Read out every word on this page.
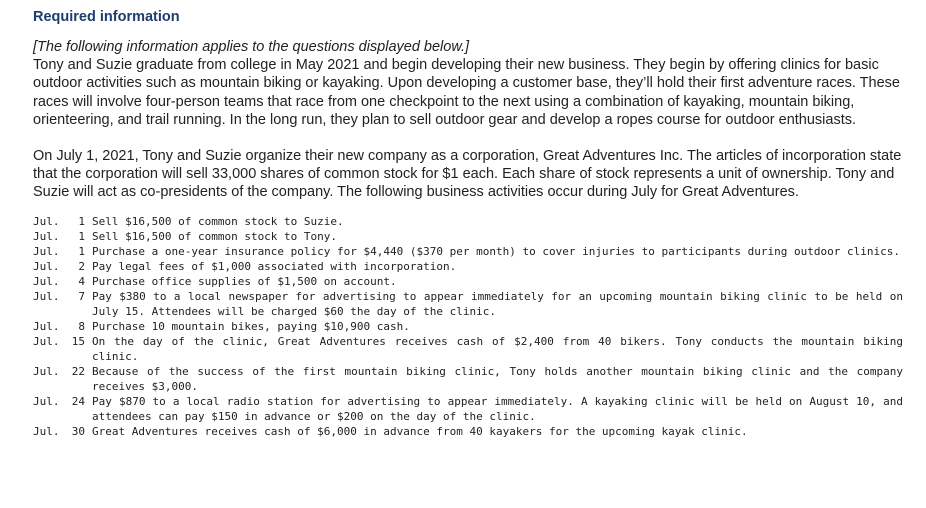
Required information

[The following information applies to the questions displayed below.]
Tony and Suzie graduate from college in May 2021 and begin developing their new business. They begin by offering clinics for basic outdoor activities such as mountain biking or kayaking. Upon developing a customer base, they’ll hold their first adventure races. These races will involve four-person teams that race from one checkpoint to the next using a combination of kayaking, mountain biking, orienteering, and trail running. In the long run, they plan to sell outdoor gear and develop a ropes course for outdoor enthusiasts.

On July 1, 2021, Tony and Suzie organize their new company as a corporation, Great Adventures Inc. The articles of incorporation state that the corporation will sell 33,000 shares of common stock for $1 each. Each share of stock represents a unit of ownership. Tony and Suzie will act as co-presidents of the company. The following business activities occur during July for Great Adventures.

Jul.	1 Sell $16,500 of common stock to Suzie.
Jul.	1 Sell $16,500 of common stock to Tony.
Jul.	1 Purchase a one-year insurance policy for $4,440 ($370 per month) to cover injuries to participants during outdoor clinics.
Jul.	2 Pay legal fees of $1,000 associated with incorporation.
Jul.	4 Purchase office supplies of $1,500 on account.
Jul.	7 Pay $380 to a local newspaper for advertising to appear immediately for an upcoming mountain biking clinic to be held on July 15. Attendees will be charged $60 the day of the clinic.
Jul.	8 Purchase 10 mountain bikes, paying $10,900 cash.
Jul.	15 On the day of the clinic, Great Adventures receives cash of $2,400 from 40 bikers. Tony conducts the mountain biking clinic.
Jul.	22 Because of the success of the first mountain biking clinic, Tony holds another mountain biking clinic and the company receives $3,000.
Jul.	24 Pay $870 to a local radio station for advertising to appear immediately. A kayaking clinic will be held on August 10, and attendees can pay $150 in advance or $200 on the day of the clinic.
Jul.	30 Great Adventures receives cash of $6,000 in advance from 40 kayakers for the upcoming kayak clinic.
